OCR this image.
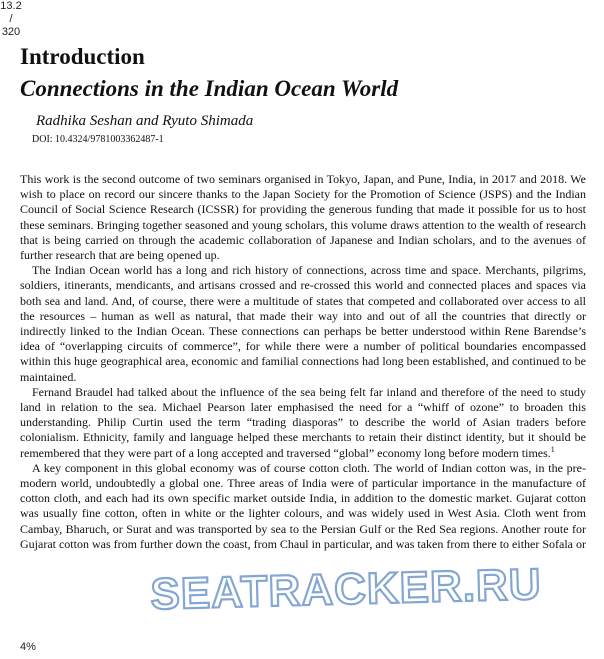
13.2
/
320
Introduction
Connections in the Indian Ocean World
Radhika Seshan and Ryuto Shimada
DOI: 10.4324/9781003362487-1

This work is the second outcome of two seminars organised in Tokyo, Japan, and Pune, India, in 2017 and 2018. We wish to place on record our sincere thanks to the Japan Society for the Promotion of Science (JSPS) and the Indian Council of Social Science Research (ICSSR) for providing the generous funding that made it possible for us to host these seminars. Bringing together seasoned and young scholars, this volume draws attention to the wealth of research that is being carried on through the academic collaboration of Japanese and Indian scholars, and to the avenues of further research that are being opened up.

The Indian Ocean world has a long and rich history of connections, across time and space. Merchants, pilgrims, soldiers, itinerants, mendicants, and artisans crossed and re-crossed this world and connected places and spaces via both sea and land. And, of course, there were a multitude of states that competed and collaborated over access to all the resources – human as well as natural, that made their way into and out of all the countries that directly or indirectly linked to the Indian Ocean. These connections can perhaps be better understood within Rene Barendse’s idea of “overlapping circuits of commerce”, for while there were a number of political boundaries encompassed within this huge geographical area, economic and familial connections had long been established, and continued to be maintained.

Fernand Braudel had talked about the influence of the sea being felt far inland and therefore of the need to study land in relation to the sea. Michael Pearson later emphasised the need for a “whiff of ozone” to broaden this understanding. Philip Curtin used the term “trading diasporas” to describe the world of Asian traders before colonialism. Ethnicity, family and language helped these merchants to retain their distinct identity, but it should be remembered that they were part of a long accepted and traversed “global” economy long before modern times.$^1$

A key component in this global economy was of course cotton cloth. The world of Indian cotton was, in the pre-modern world, undoubtedly a global one. Three areas of India were of particular importance in the manufacture of cotton cloth, and each had its own specific market outside India, in addition to the domestic market. Gujarat cotton was usually fine cotton, often in white or the lighter colours, and was widely used in West Asia. Cloth went from Cambay, Bharuch, or Surat and was transported by sea to the Persian Gulf or the Red Sea regions. Another route for Gujarat cotton was from further down the coast, from Chaul in particular, and was taken from there to either Sofala or

SEATRACKER.RU
4%
